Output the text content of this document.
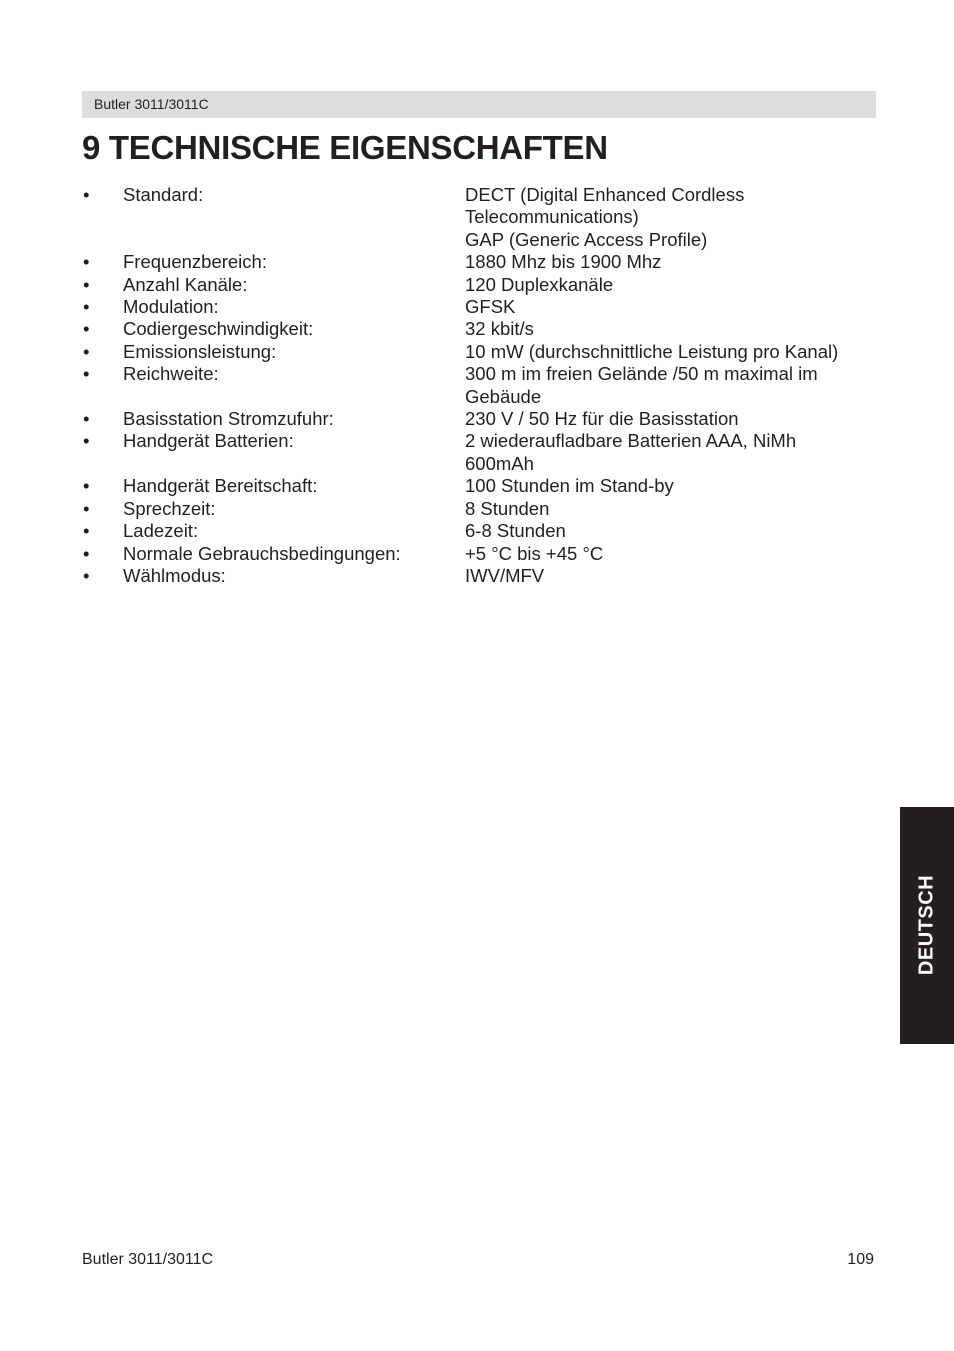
Butler 3011/3011C
9 TECHNISCHE EIGENSCHAFTEN
• Standard:	DECT (Digital Enhanced Cordless
Telecommunications)
GAP (Generic Access Profile)
• Frequenzbereich:	1880 Mhz bis 1900 Mhz
• Anzahl Kanäle:	120 Duplexkanäle
• Modulation:	GFSK
• Codiergeschwindigkeit:	32 kbit/s
• Emissionsleistung:	10 mW (durchschnittliche Leistung pro Kanal)
• Reichweite:	300 m im freien Gelände /50 m maximal im
Gebäude
• Basisstation Stromzufuhr:	230 V / 50 Hz für die Basisstation
• Handgerät Batterien:	2 wiederaufladbare Batterien AAA, NiMh
600mAh
• Handgerät Bereitschaft:	100 Stunden im Stand-by
• Sprechzeit:	8 Stunden
• Ladezeit:	6-8 Stunden
• Normale Gebrauchsbedingungen:	+5 °C bis +45 °C
• Wählmodus:	IWV/MFV
DEUTSCH
Butler 3011/3011C	109
